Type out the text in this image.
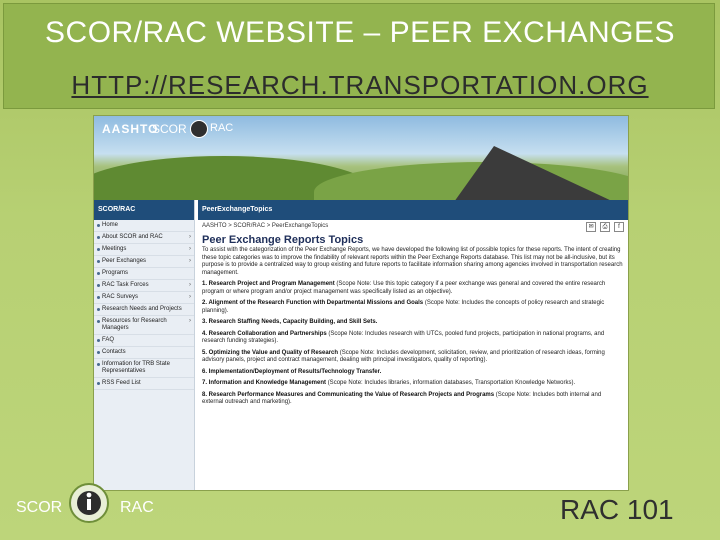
SCOR/RAC WEBSITE – PEER EXCHANGES
HTTP://RESEARCH.TRANSPORTATION.ORG
AASHTO
SCOR RAC
SCOR/RAC
Home
About SCOR and RAC	›
Meetings	›
Peer Exchanges	›
Programs
RAC Task Forces	›
RAC Surveys	›
Research Needs and Projects
Resources for Research Managers
›
FAQ
Contacts
Information for TRB State Representatives
RSS Feed List
PeerExchangeTopics
AASHTO > SCOR/RAC > PeerExchangeTopics	✉ ⎙ f
Peer Exchange Reports Topics
To assist with the categorization of the Peer Exchange Reports, we have developed the following list of possible topics for these reports. The intent of creating these topic categories was to improve the findability of relevant reports within the Peer Exchange Reports database. This list may not be all-inclusive, but its purpose is to provide a centralized way to group existing and future reports to facilitate information sharing among agencies involved in transportation research management.
1. Research Project and Program Management (Scope Note: Use this topic category if a peer exchange was general and covered the entire research program or where program and/or project management was specifically listed as an objective).
2. Alignment of the Research Function with Departmental Missions and Goals (Scope Note: Includes the concepts of policy research and strategic planning).
3. Research Staffing Needs, Capacity Building, and Skill Sets.
4. Research Collaboration and Partnerships (Scope Note: Includes research with UTCs, pooled fund projects, participation in national programs, and research funding strategies).
5. Optimizing the Value and Quality of Research (Scope Note: Includes development, solicitation, review, and prioritization of research ideas, forming advisory panels, project and contract management, dealing with principal investigators, quality of reporting).
6. Implementation/Deployment of Results/Technology Transfer.
7. Information and Knowledge Management (Scope Note: Includes libraries, information databases, Transportation Knowledge Networks).
8. Research Performance Measures and Communicating the Value of Research Projects and Programs (Scope Note: Includes both internal and external outreach and marketing).
SCOR	RAC	RAC 101
